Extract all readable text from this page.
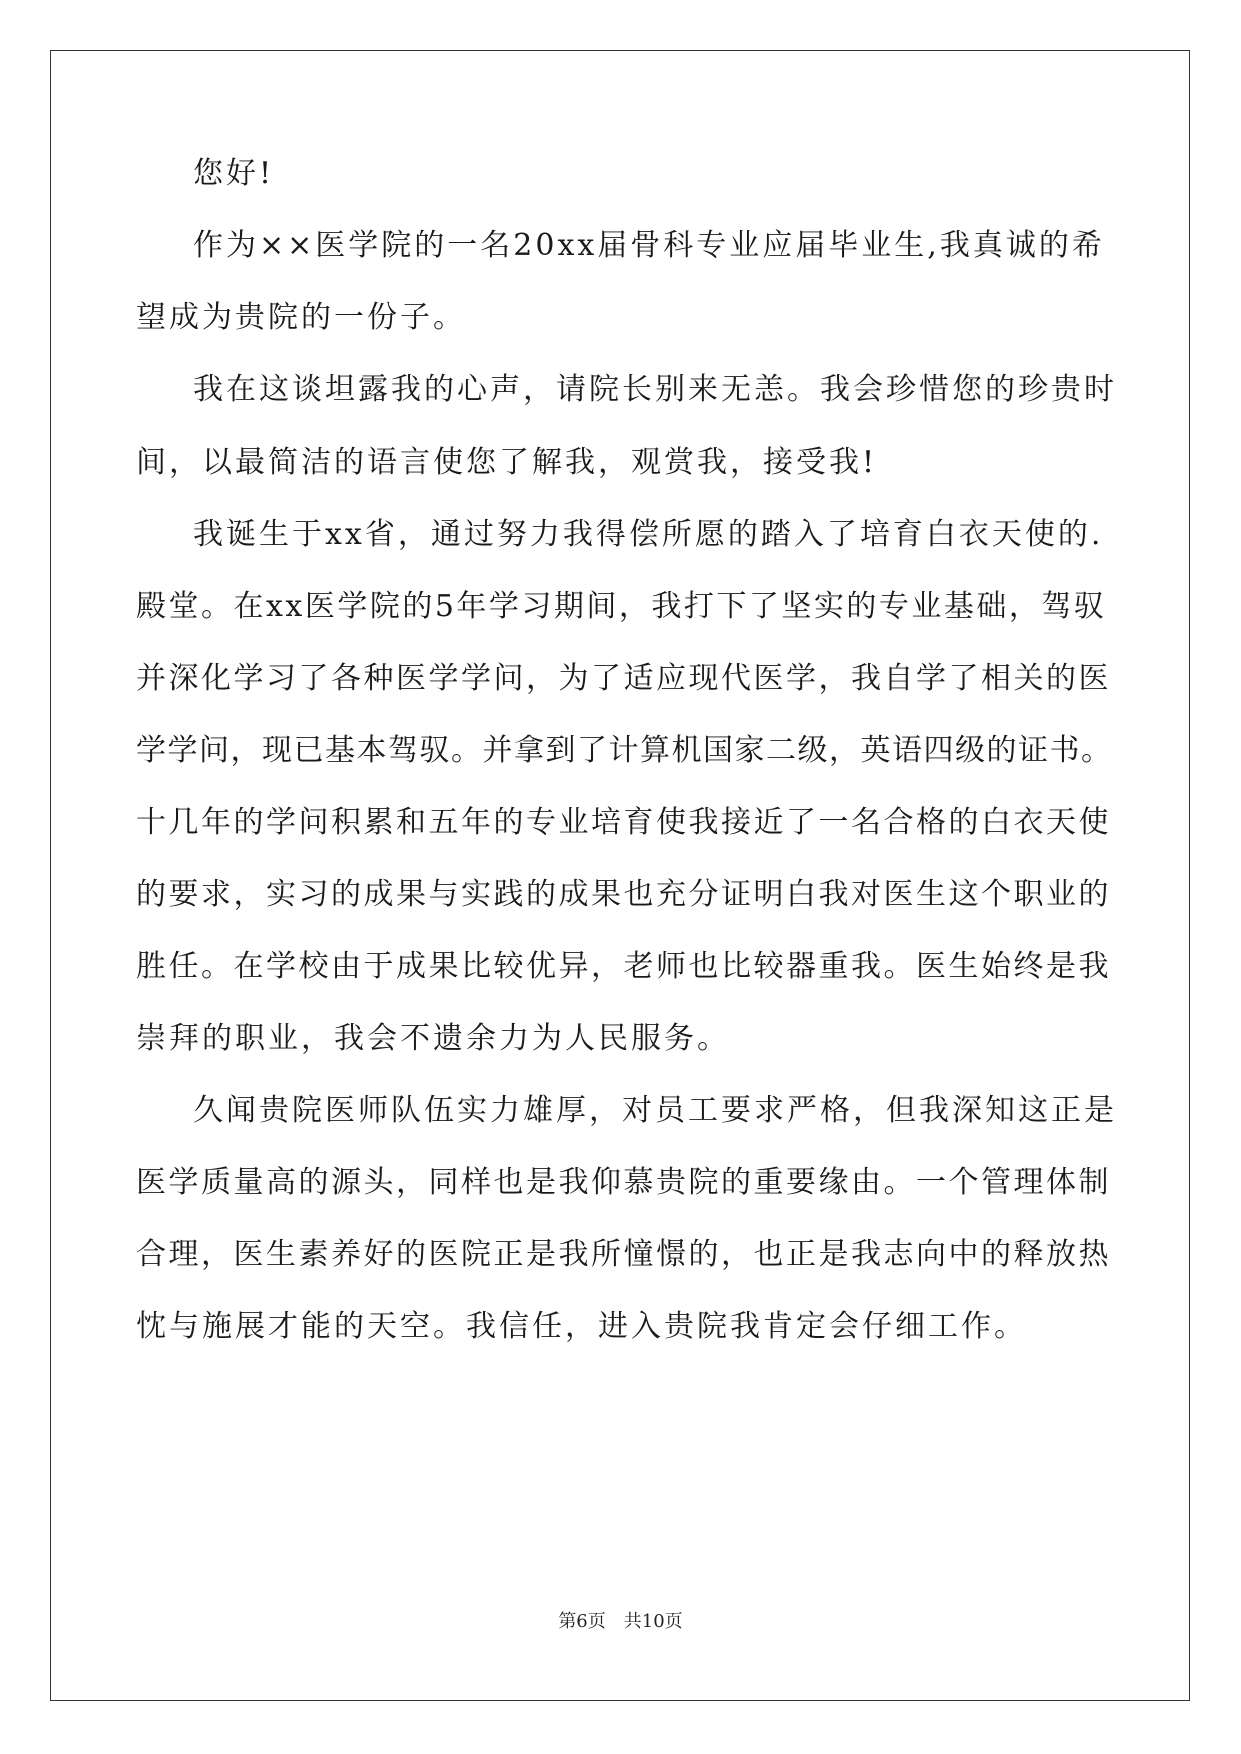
您好!
作为××医学院的一名20xx届骨科专业应届毕业生,我真诚的希
望成为贵院的一份子。
我在这谈坦露我的心声，请院长别来无恙。我会珍惜您的珍贵时
间，以最简洁的语言使您了解我，观赏我，接受我!
我诞生于xx省，通过努力我得偿所愿的踏入了培育白衣天使的.
殿堂。在xx医学院的5年学习期间，我打下了坚实的专业基础，驾驭
并深化学习了各种医学学问，为了适应现代医学，我自学了相关的医
学学问，现已基本驾驭。并拿到了计算机国家二级，英语四级的证书。
十几年的学问积累和五年的专业培育使我接近了一名合格的白衣天使
的要求，实习的成果与实践的成果也充分证明白我对医生这个职业的
胜任。在学校由于成果比较优异，老师也比较器重我。医生始终是我
崇拜的职业，我会不遗余力为人民服务。
久闻贵院医师队伍实力雄厚，对员工要求严格，但我深知这正是
医学质量高的源头，同样也是我仰慕贵院的重要缘由。一个管理体制
合理，医生素养好的医院正是我所憧憬的，也正是我志向中的释放热
忱与施展才能的天空。我信任，进入贵院我肯定会仔细工作。
第6页　共10页
